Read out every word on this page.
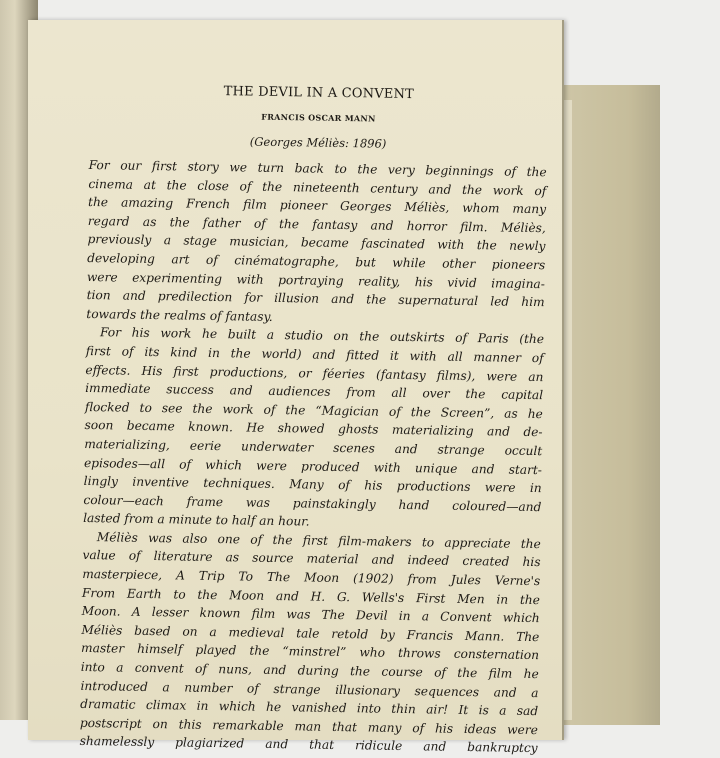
THE DEVIL IN A CONVENT
FRANCIS OSCAR MANN
(Georges Méliès: 1896)
For our first story we turn back to the very beginnings of the
cinema at the close of the nineteenth century and the work of
the amazing French film pioneer Georges Méliès, whom many
regard as the father of the fantasy and horror film. Méliès,
previously a stage musician, became fascinated with the newly
developing art of cinématographe, but while other pioneers
were experimenting with portraying reality, his vivid imagina-
tion and predilection for illusion and the supernatural led him
towards the realms of fantasy.
For his work he built a studio on the outskirts of Paris (the
first of its kind in the world) and fitted it with all manner of
effects. His first productions, or féeries (fantasy films), were an
immediate success and audiences from all over the capital
flocked to see the work of the “Magician of the Screen”, as he
soon became known. He showed ghosts materializing and de-
materializing, eerie underwater scenes and strange occult
episodes—all of which were produced with unique and start-
lingly inventive techniques. Many of his productions were in
colour—each frame was painstakingly hand coloured—and
lasted from a minute to half an hour.
Méliès was also one of the first film-makers to appreciate the
value of literature as source material and indeed created his
masterpiece, A Trip To The Moon (1902) from Jules Verne's
From Earth to the Moon and H. G. Wells's First Men in the
Moon. A lesser known film was The Devil in a Convent which
Méliès based on a medieval tale retold by Francis Mann. The
master himself played the “minstrel” who throws consternation
into a convent of nuns, and during the course of the film he
introduced a number of strange illusionary sequences and a
dramatic climax in which he vanished into thin air! It is a sad
postscript on this remarkable man that many of his ideas were
shamelessly plagiarized and that ridicule and bankruptcy
